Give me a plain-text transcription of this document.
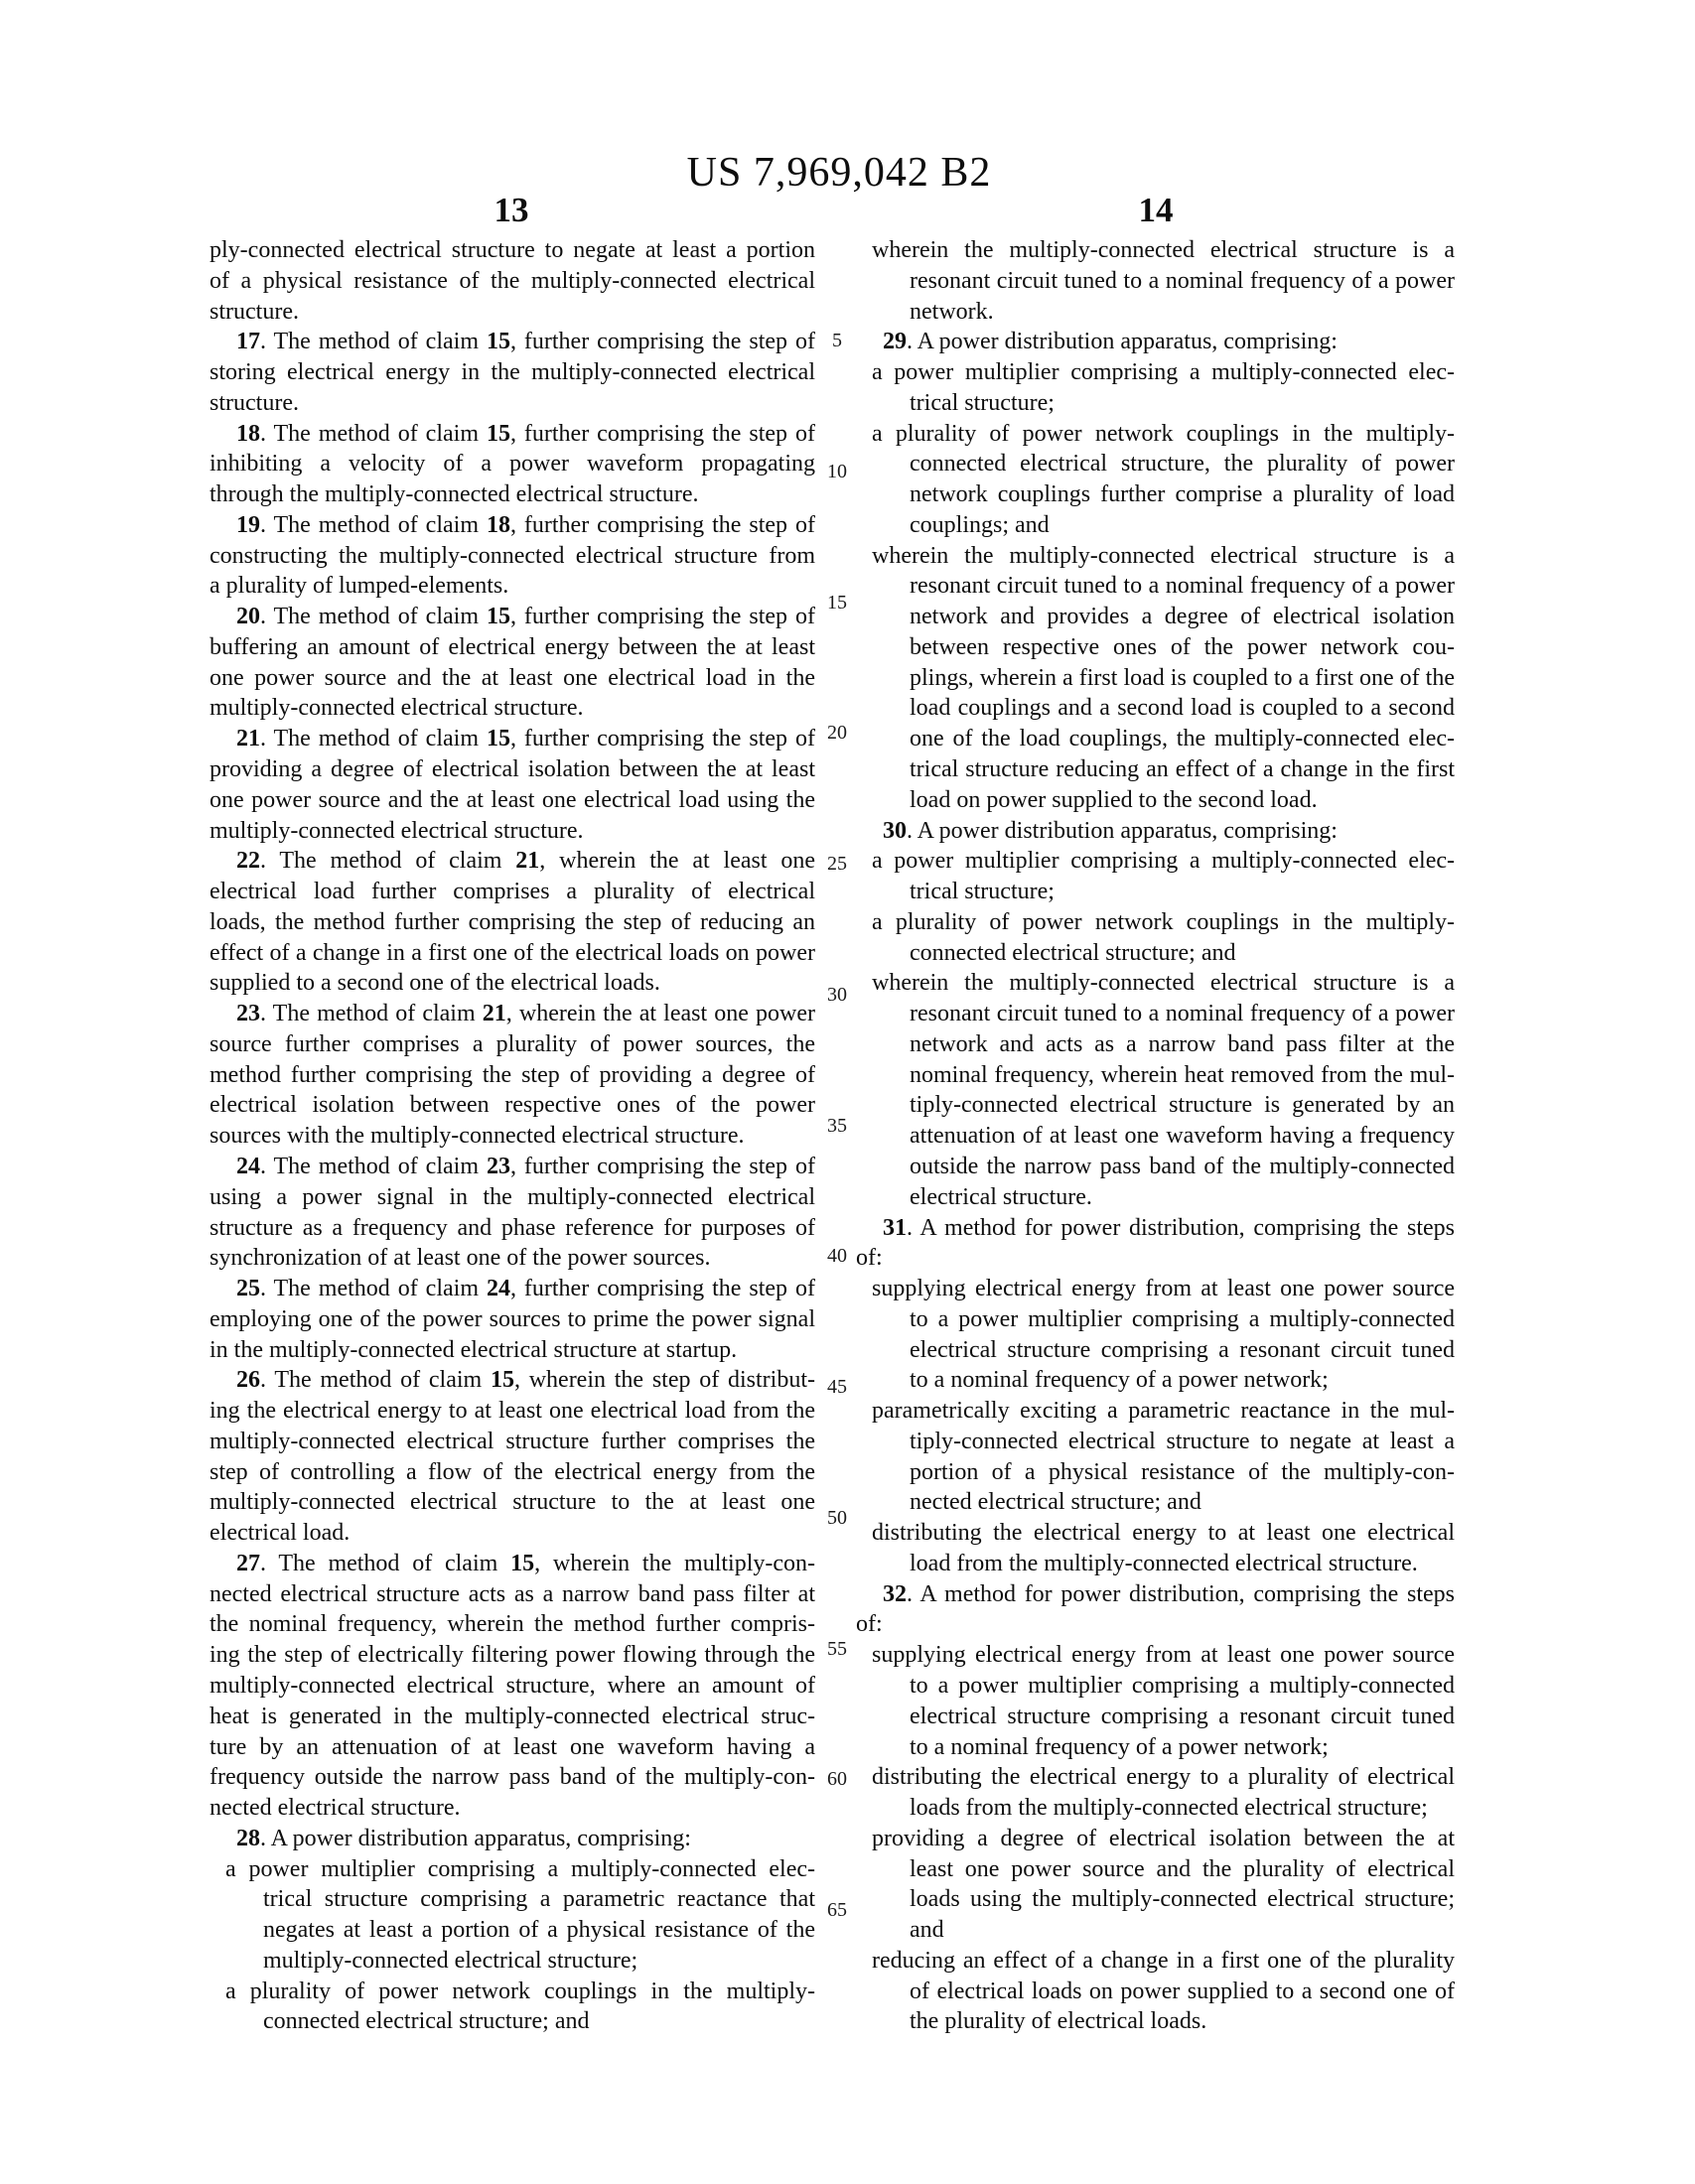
US 7,969,042 B2
13	14
ply-connected electrical structure to negate at least a portion
of a physical resistance of the multiply-connected electrical
structure.
17. The method of claim 15, further comprising the step of
storing electrical energy in the multiply-connected electrical
structure.
18. The method of claim 15, further comprising the step of
inhibiting a velocity of a power waveform propagating
through the multiply-connected electrical structure.
19. The method of claim 18, further comprising the step of
constructing the multiply-connected electrical structure from
a plurality of lumped-elements.
20. The method of claim 15, further comprising the step of
buffering an amount of electrical energy between the at least
one power source and the at least one electrical load in the
multiply-connected electrical structure.
21. The method of claim 15, further comprising the step of
providing a degree of electrical isolation between the at least
one power source and the at least one electrical load using the
multiply-connected electrical structure.
22. The method of claim 21, wherein the at least one
electrical load further comprises a plurality of electrical
loads, the method further comprising the step of reducing an
effect of a change in a first one of the electrical loads on power
supplied to a second one of the electrical loads.
23. The method of claim 21, wherein the at least one power
source further comprises a plurality of power sources, the
method further comprising the step of providing a degree of
electrical isolation between respective ones of the power
sources with the multiply-connected electrical structure.
24. The method of claim 23, further comprising the step of
using a power signal in the multiply-connected electrical
structure as a frequency and phase reference for purposes of
synchronization of at least one of the power sources.
25. The method of claim 24, further comprising the step of
employing one of the power sources to prime the power signal
in the multiply-connected electrical structure at startup.
26. The method of claim 15, wherein the step of distribut-
ing the electrical energy to at least one electrical load from the
multiply-connected electrical structure further comprises the
step of controlling a flow of the electrical energy from the
multiply-connected electrical structure to the at least one
electrical load.
27. The method of claim 15, wherein the multiply-con-
nected electrical structure acts as a narrow band pass filter at
the nominal frequency, wherein the method further compris-
ing the step of electrically filtering power flowing through the
multiply-connected electrical structure, where an amount of
heat is generated in the multiply-connected electrical struc-
ture by an attenuation of at least one waveform having a
frequency outside the narrow pass band of the multiply-con-
nected electrical structure.
28. A power distribution apparatus, comprising:
a power multiplier comprising a multiply-connected elec-
trical structure comprising a parametric reactance that
negates at least a portion of a physical resistance of the
multiply-connected electrical structure;
a plurality of power network couplings in the multiply-
connected electrical structure; and
5
10
15
20
25
30
35
40
45
50
55
60
65
wherein the multiply-connected electrical structure is a
resonant circuit tuned to a nominal frequency of a power
network.
29. A power distribution apparatus, comprising:
a power multiplier comprising a multiply-connected elec-
trical structure;
a plurality of power network couplings in the multiply-
connected electrical structure, the plurality of power
network couplings further comprise a plurality of load
couplings; and
wherein the multiply-connected electrical structure is a
resonant circuit tuned to a nominal frequency of a power
network and provides a degree of electrical isolation
between respective ones of the power network cou-
plings, wherein a first load is coupled to a first one of the
load couplings and a second load is coupled to a second
one of the load couplings, the multiply-connected elec-
trical structure reducing an effect of a change in the first
load on power supplied to the second load.
30. A power distribution apparatus, comprising:
a power multiplier comprising a multiply-connected elec-
trical structure;
a plurality of power network couplings in the multiply-
connected electrical structure; and
wherein the multiply-connected electrical structure is a
resonant circuit tuned to a nominal frequency of a power
network and acts as a narrow band pass filter at the
nominal frequency, wherein heat removed from the mul-
tiply-connected electrical structure is generated by an
attenuation of at least one waveform having a frequency
outside the narrow pass band of the multiply-connected
electrical structure.
31. A method for power distribution, comprising the steps
of:
supplying electrical energy from at least one power source
to a power multiplier comprising a multiply-connected
electrical structure comprising a resonant circuit tuned
to a nominal frequency of a power network;
parametrically exciting a parametric reactance in the mul-
tiply-connected electrical structure to negate at least a
portion of a physical resistance of the multiply-con-
nected electrical structure; and
distributing the electrical energy to at least one electrical
load from the multiply-connected electrical structure.
32. A method for power distribution, comprising the steps
of:
supplying electrical energy from at least one power source
to a power multiplier comprising a multiply-connected
electrical structure comprising a resonant circuit tuned
to a nominal frequency of a power network;
distributing the electrical energy to a plurality of electrical
loads from the multiply-connected electrical structure;
providing a degree of electrical isolation between the at
least one power source and the plurality of electrical
loads using the multiply-connected electrical structure;
and
reducing an effect of a change in a first one of the plurality
of electrical loads on power supplied to a second one of
the plurality of electrical loads.
